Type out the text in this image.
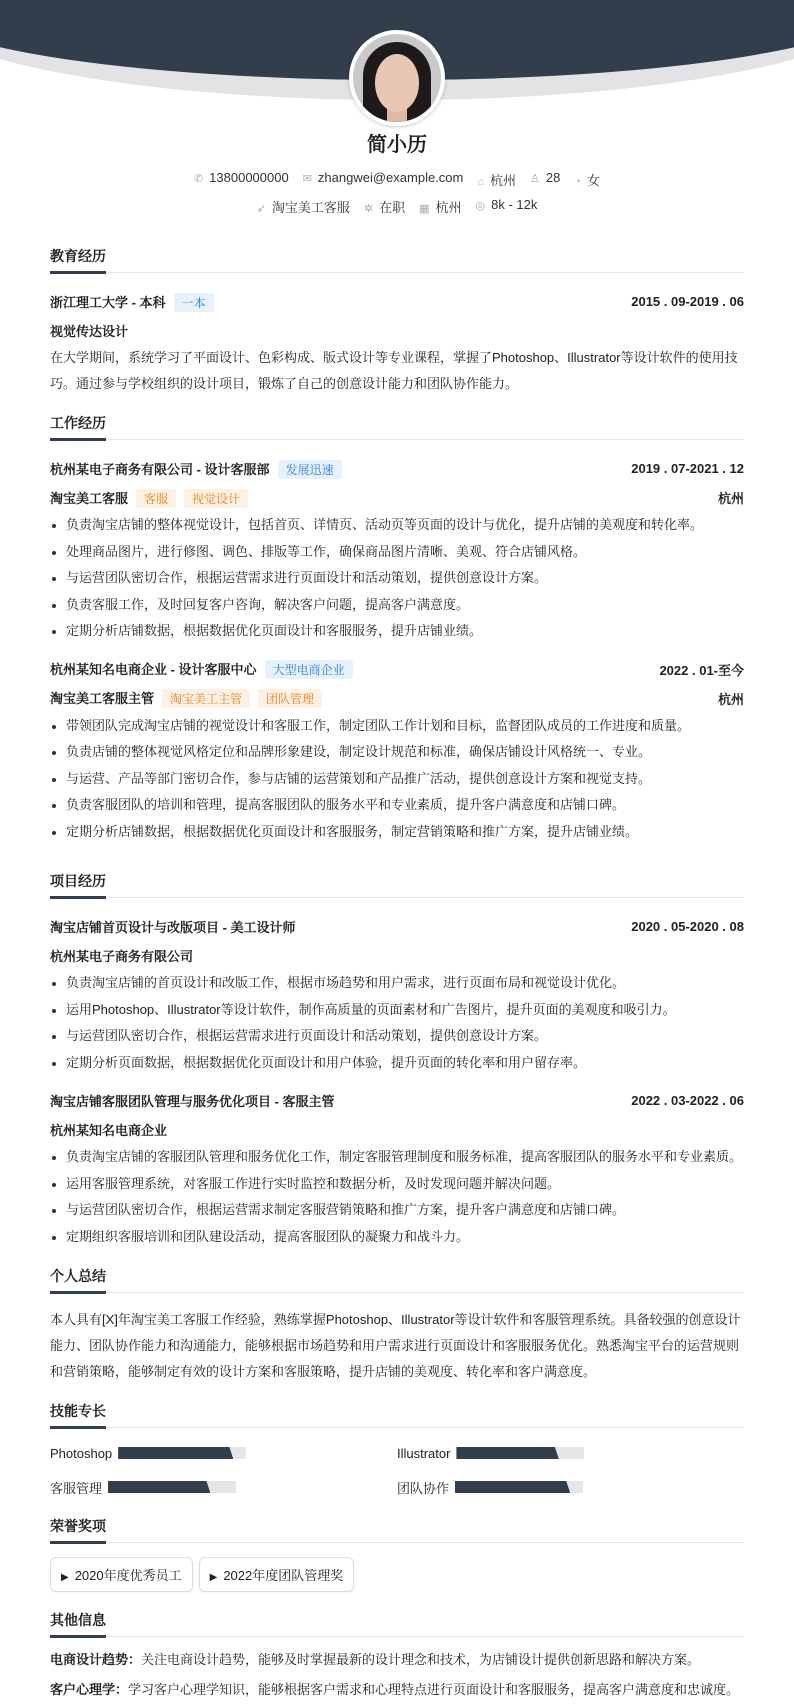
简小历
✆ 13800000000 ✉ zhangwei@example.com ⌂ 杭州 ♙ 28 ◔ 女
➶ 淘宝美工客服 ✲ 在职 ▦ 杭州 ◎ 8k - 12k
教育经历
浙江理工大学 - 本科 一本	2015 . 09-2019 . 06
视觉传达设计
在大学期间，系统学习了平面设计、色彩构成、版式设计等专业课程，掌握了Photoshop、Illustrator等设计软件的使用技巧。通过参与学校组织的设计项目，锻炼了自己的创意设计能力和团队协作能力。
工作经历
杭州某电子商务有限公司 - 设计客服部 发展迅速	2019 . 07-2021 . 12
淘宝美工客服 客服 视觉设计	杭州
负责淘宝店铺的整体视觉设计，包括首页、详情页、活动页等页面的设计与优化，提升店铺的美观度和转化率。
处理商品图片，进行修图、调色、排版等工作，确保商品图片清晰、美观、符合店铺风格。
与运营团队密切合作，根据运营需求进行页面设计和活动策划，提供创意设计方案。
负责客服工作，及时回复客户咨询，解决客户问题，提高客户满意度。
定期分析店铺数据，根据数据优化页面设计和客服服务，提升店铺业绩。
杭州某知名电商企业 - 设计客服中心 大型电商企业	2022 . 01-至今
淘宝美工客服主管 淘宝美工主管 团队管理	杭州
带领团队完成淘宝店铺的视觉设计和客服工作，制定团队工作计划和目标，监督团队成员的工作进度和质量。
负责店铺的整体视觉风格定位和品牌形象建设，制定设计规范和标准，确保店铺设计风格统一、专业。
与运营、产品等部门密切合作，参与店铺的运营策划和产品推广活动，提供创意设计方案和视觉支持。
负责客服团队的培训和管理，提高客服团队的服务水平和专业素质，提升客户满意度和店铺口碑。
定期分析店铺数据，根据数据优化页面设计和客服服务，制定营销策略和推广方案，提升店铺业绩。
项目经历
淘宝店铺首页设计与改版项目 - 美工设计师	2020 . 05-2020 . 08
杭州某电子商务有限公司
负责淘宝店铺的首页设计和改版工作，根据市场趋势和用户需求，进行页面布局和视觉设计优化。
运用Photoshop、Illustrator等设计软件，制作高质量的页面素材和广告图片，提升页面的美观度和吸引力。
与运营团队密切合作，根据运营需求进行页面设计和活动策划，提供创意设计方案。
定期分析页面数据，根据数据优化页面设计和用户体验，提升页面的转化率和用户留存率。
淘宝店铺客服团队管理与服务优化项目 - 客服主管	2022 . 03-2022 . 06
杭州某知名电商企业
负责淘宝店铺的客服团队管理和服务优化工作，制定客服管理制度和服务标准，提高客服团队的服务水平和专业素质。
运用客服管理系统，对客服工作进行实时监控和数据分析，及时发现问题并解决问题。
与运营团队密切合作，根据运营需求制定客服营销策略和推广方案，提升客户满意度和店铺口碑。
定期组织客服培训和团队建设活动，提高客服团队的凝聚力和战斗力。
个人总结
本人具有[X]年淘宝美工客服工作经验，熟练掌握Photoshop、Illustrator等设计软件和客服管理系统。具备较强的创意设计能力、团队协作能力和沟通能力，能够根据市场趋势和用户需求进行页面设计和客服服务优化。熟悉淘宝平台的运营规则和营销策略，能够制定有效的设计方案和客服策略，提升店铺的美观度、转化率和客户满意度。
技能专长
Photoshop	Illustrator
客服管理	团队协作
荣誉奖项
▶ 2020年度优秀员工	▶ 2022年度团队管理奖
其他信息
电商设计趋势：关注电商设计趋势，能够及时掌握最新的设计理念和技术，为店铺设计提供创新思路和解决方案。
客户心理学：学习客户心理学知识，能够根据客户需求和心理特点进行页面设计和客服服务，提高客户满意度和忠诚度。
